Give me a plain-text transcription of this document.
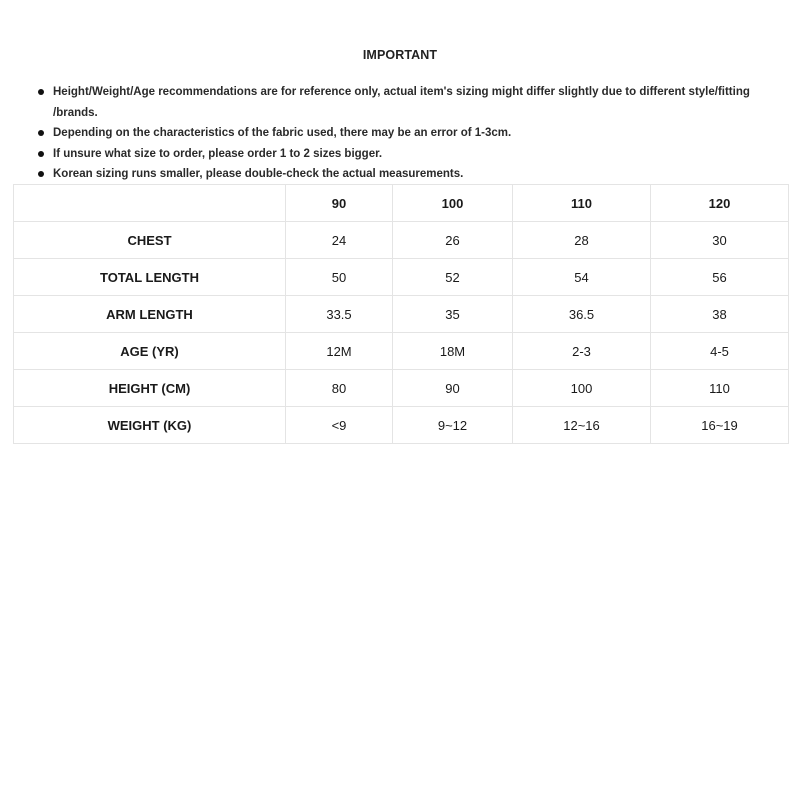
IMPORTANT
Height/Weight/Age recommendations are for reference only, actual item's sizing might differ slightly due to different style/fitting /brands.
Depending on the characteristics of the fabric used, there may be an error of 1-3cm.
If unsure what size to order, please order 1 to 2 sizes bigger.
Korean sizing runs smaller, please double-check the actual measurements.
	90	100	110	120
CHEST	24	26	28	30
TOTAL LENGTH	50	52	54	56
ARM LENGTH	33.5	35	36.5	38
AGE (YR)	12M	18M	2-3	4-5
HEIGHT (CM)	80	90	100	110
WEIGHT (KG)	<9	9~12	12~16	16~19
